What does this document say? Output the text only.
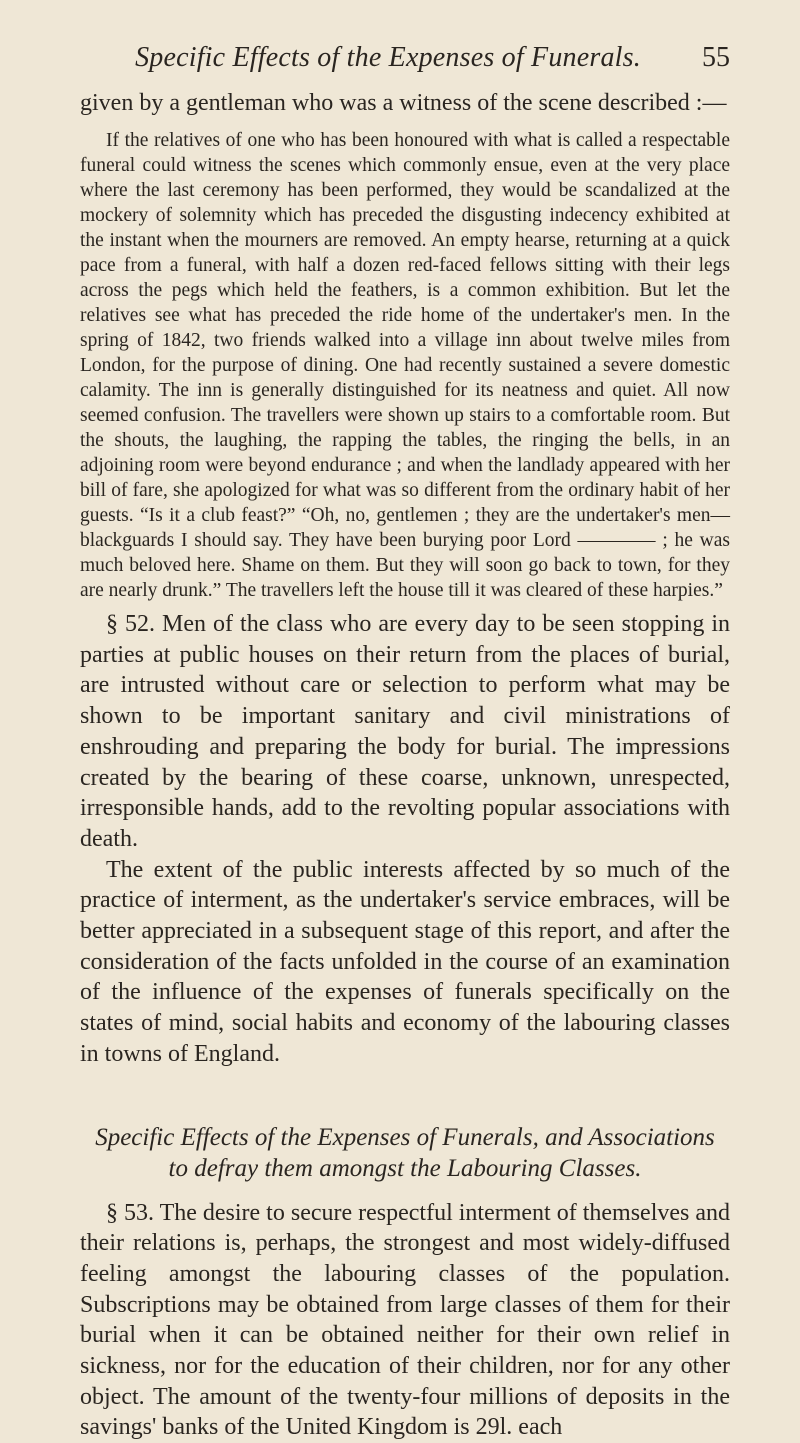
Specific Effects of the Expenses of Funerals.	55

given by a gentleman who was a witness of the scene described :—

If the relatives of one who has been honoured with what is called a respectable funeral could witness the scenes which commonly ensue, even at the very place where the last ceremony has been performed, they would be scandalized at the mockery of solemnity which has preceded the disgusting indecency exhibited at the instant when the mourners are removed. An empty hearse, returning at a quick pace from a funeral, with half a dozen red-faced fellows sitting with their legs across the pegs which held the feathers, is a common exhibition. But let the relatives see what has preceded the ride home of the undertaker's men. In the spring of 1842, two friends walked into a village inn about twelve miles from London, for the purpose of dining. One had recently sustained a severe domestic calamity. The inn is generally distinguished for its neatness and quiet. All now seemed confusion. The travellers were shown up stairs to a comfortable room. But the shouts, the laughing, the rapping the tables, the ringing the bells, in an adjoining room were beyond endurance ; and when the landlady appeared with her bill of fare, she apologized for what was so different from the ordinary habit of her guests. “Is it a club feast?” “Oh, no, gentlemen ; they are the undertaker's men—blackguards I should say. They have been burying poor Lord ———— ; he was much beloved here. Shame on them. But they will soon go back to town, for they are nearly drunk.” The travellers left the house till it was cleared of these harpies.”

§ 52. Men of the class who are every day to be seen stopping in parties at public houses on their return from the places of burial, are intrusted without care or selection to perform what may be shown to be important sanitary and civil ministrations of enshrouding and preparing the body for burial. The impressions created by the bearing of these coarse, unknown, unrespected, irresponsible hands, add to the revolting popular associations with death.

The extent of the public interests affected by so much of the practice of interment, as the undertaker's service embraces, will be better appreciated in a subsequent stage of this report, and after the consideration of the facts unfolded in the course of an examination of the influence of the expenses of funerals specifically on the states of mind, social habits and economy of the labouring classes in towns of England.

Specific Effects of the Expenses of Funerals, and Associations
to defray them amongst the Labouring Classes.

§ 53. The desire to secure respectful interment of themselves and their relations is, perhaps, the strongest and most widely-diffused feeling amongst the labouring classes of the population. Subscriptions may be obtained from large classes of them for their burial when it can be obtained neither for their own relief in sickness, nor for the education of their children, nor for any other object. The amount of the twenty-four millions of deposits in the savings' banks of the United Kingdom is 29l. each
